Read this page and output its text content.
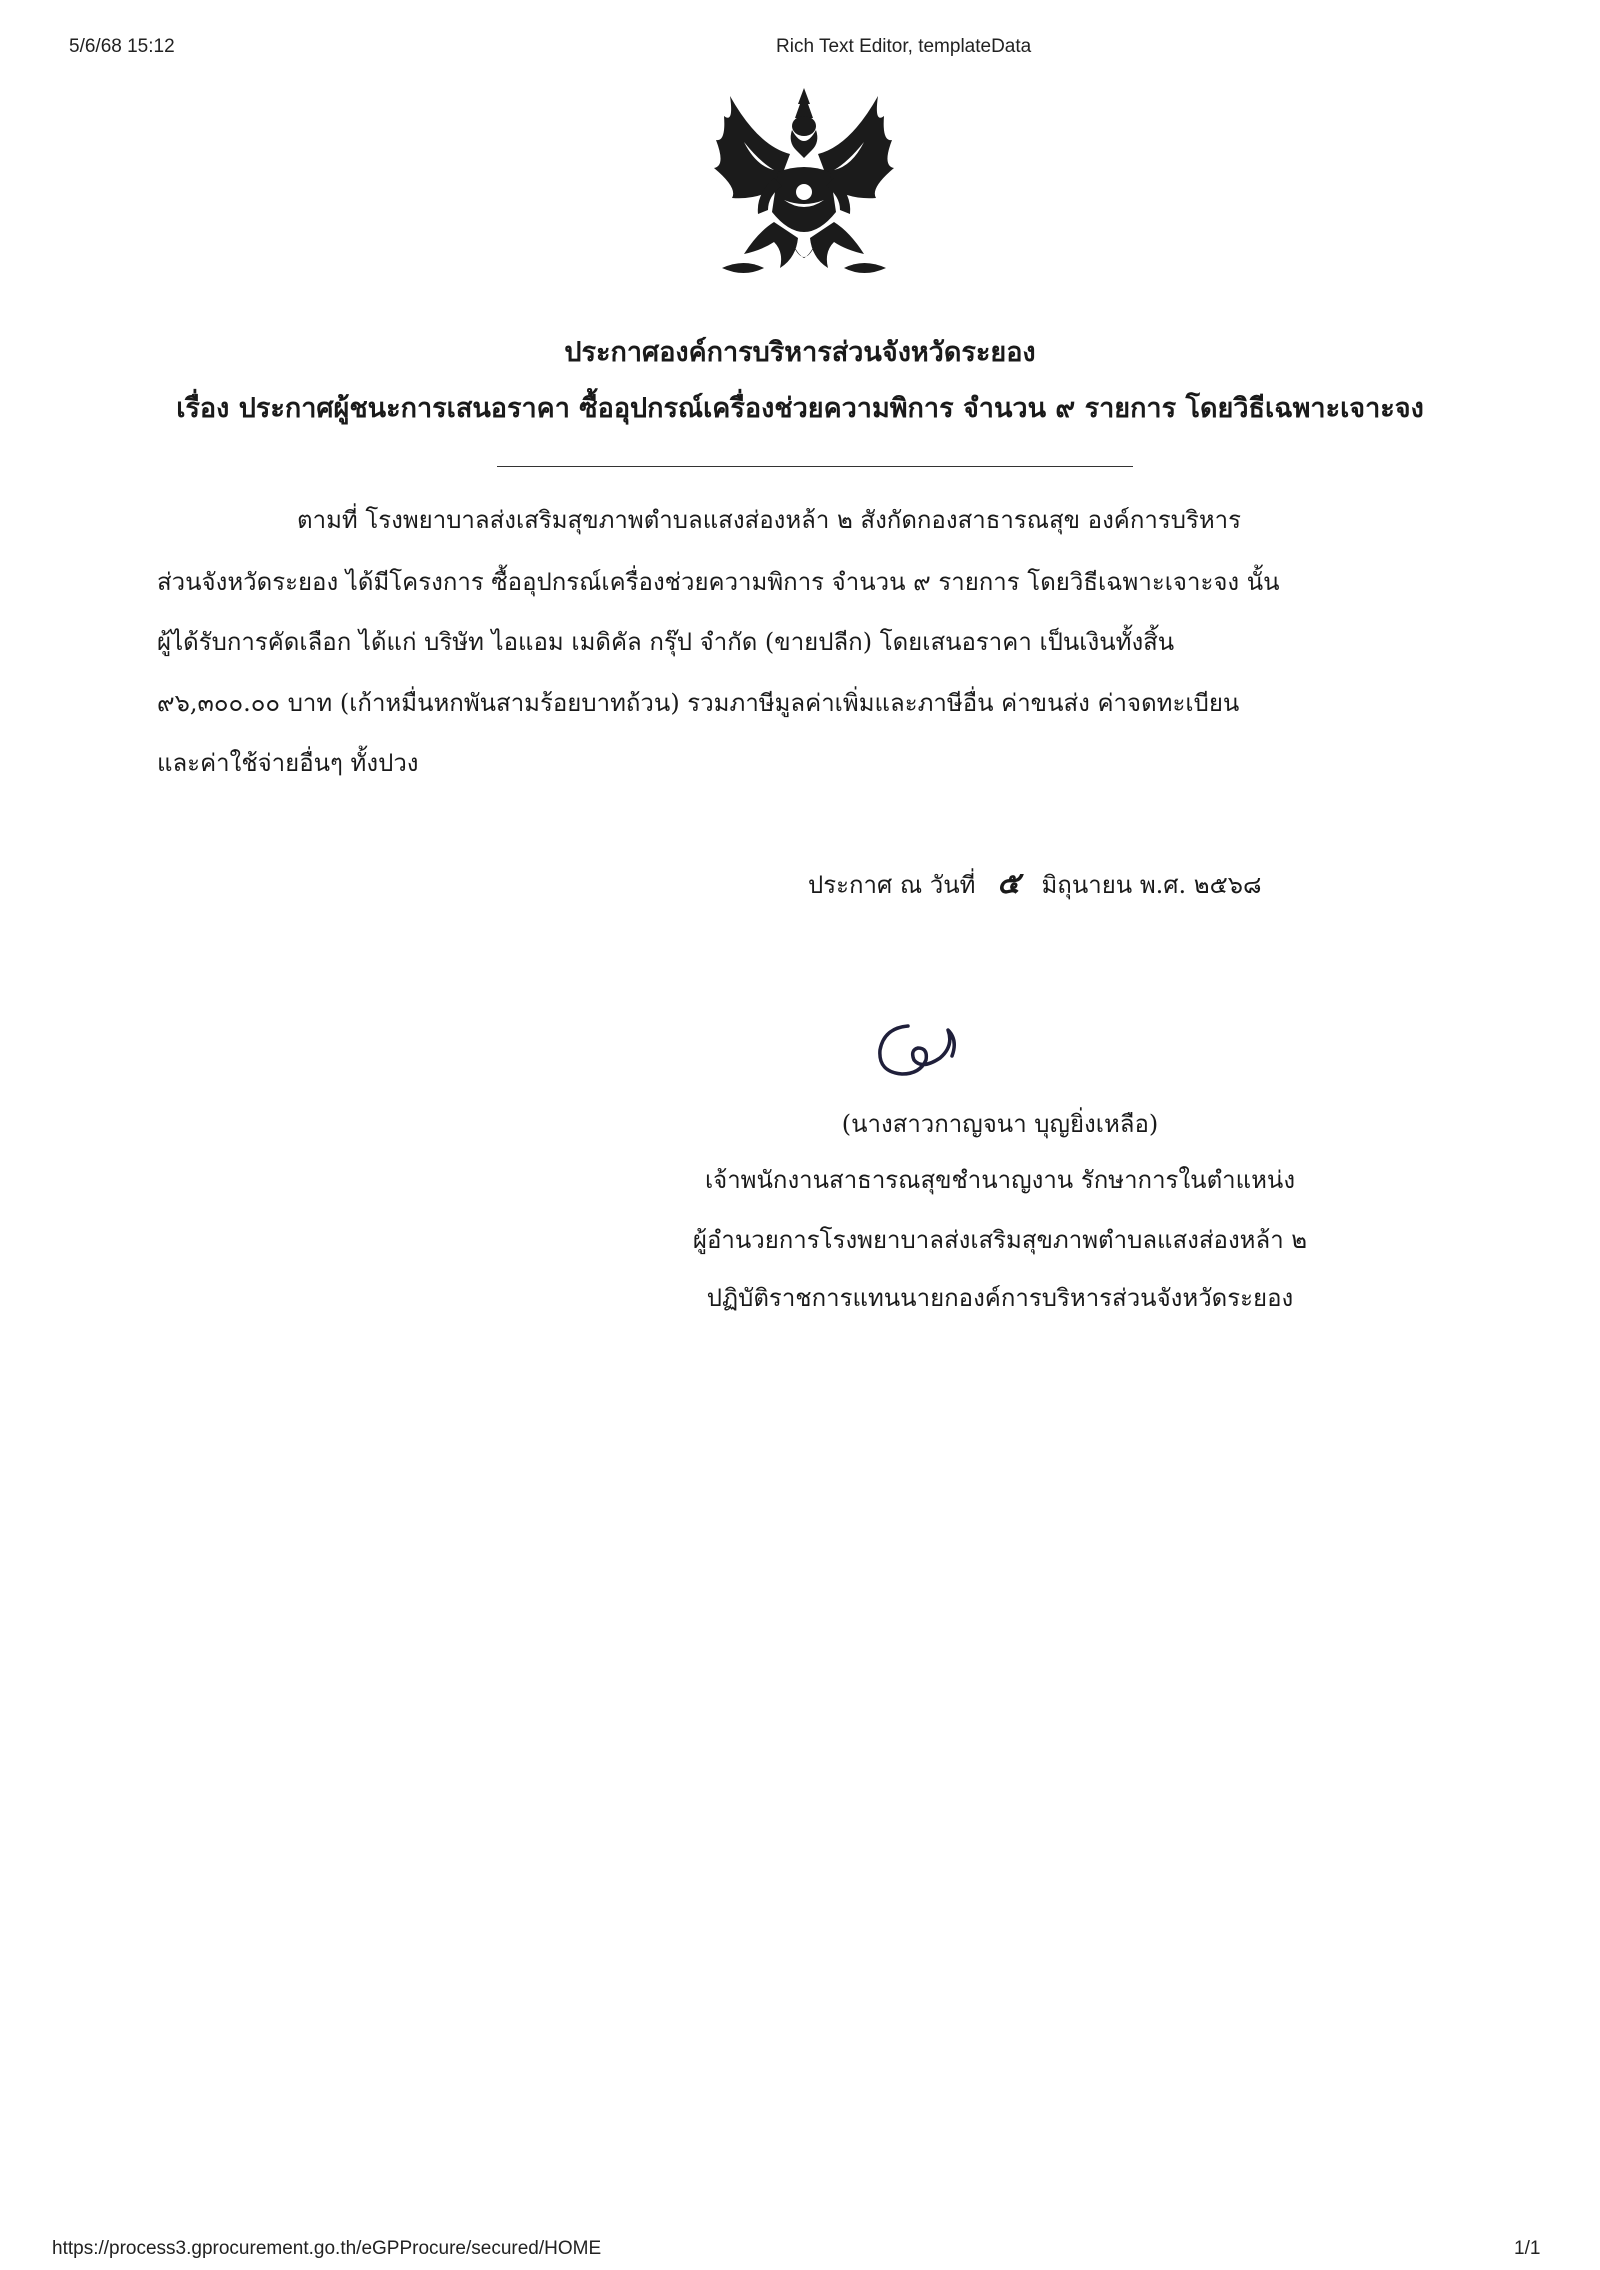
5/6/68 15:12	Rich Text Editor, templateData
ประกาศองค์การบริหารส่วนจังหวัดระยอง
เรื่อง ประกาศผู้ชนะการเสนอราคา ซื้ออุปกรณ์เครื่องช่วยความพิการ จำนวน ๙ รายการ โดยวิธีเฉพาะเจาะจง
ตามที่ โรงพยาบาลส่งเสริมสุขภาพตำบลแสงส่องหล้า ๒ สังกัดกองสาธารณสุข องค์การบริหาร
ส่วนจังหวัดระยอง ได้มีโครงการ ซื้ออุปกรณ์เครื่องช่วยความพิการ จำนวน ๙ รายการ โดยวิธีเฉพาะเจาะจง นั้น
ผู้ได้รับการคัดเลือก ได้แก่ บริษัท ไอแอม เมดิคัล กรุ๊ป จำกัด (ขายปลีก) โดยเสนอราคา เป็นเงินทั้งสิ้น
๙๖,๓๐๐.๐๐ บาท (เก้าหมื่นหกพันสามร้อยบาทถ้วน) รวมภาษีมูลค่าเพิ่มและภาษีอื่น ค่าขนส่ง ค่าจดทะเบียน
และค่าใช้จ่ายอื่นๆ ทั้งปวง
ประกาศ ณ วันที่ ๕ มิถุนายน พ.ศ. ๒๕๖๘
(นางสาวกาญจนา บุญยิ่งเหลือ)
เจ้าพนักงานสาธารณสุขชำนาญงาน รักษาการในตำแหน่ง
ผู้อำนวยการโรงพยาบาลส่งเสริมสุขภาพตำบลแสงส่องหล้า ๒
ปฏิบัติราชการแทนนายกองค์การบริหารส่วนจังหวัดระยอง
https://process3.gprocurement.go.th/eGPProcure/secured/HOME	1/1
